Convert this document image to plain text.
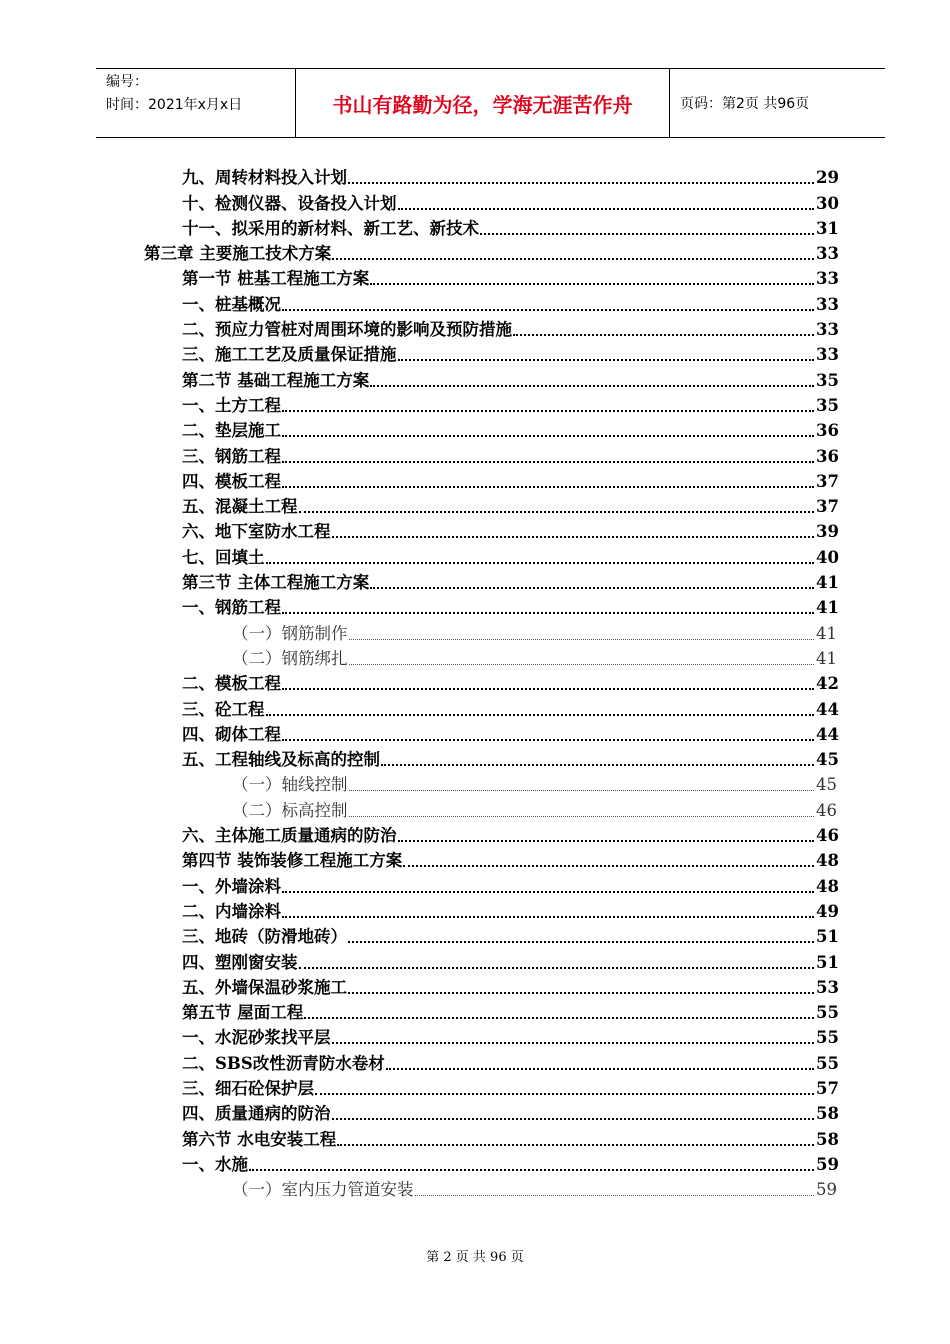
编号：
时间：2021年x月x日	书山有路勤为径，学海无涯苦作舟	页码：第2页 共96页
九、周转材料投入计划	29
十、检测仪器、设备投入计划	30
十一、拟采用的新材料、新工艺、新技术	31
第三章 主要施工技术方案	33
第一节 桩基工程施工方案	33
一、桩基概况	33
二、预应力管桩对周围环境的影响及预防措施	33
三、施工工艺及质量保证措施	33
第二节 基础工程施工方案	35
一、土方工程	35
二、垫层施工	36
三、钢筋工程	36
四、模板工程	37
五、混凝土工程	37
六、地下室防水工程	39
七、回填土	40
第三节 主体工程施工方案	41
一、钢筋工程	41
（一）钢筋制作	41
（二）钢筋绑扎	41
二、模板工程	42
三、砼工程	44
四、砌体工程	44
五、工程轴线及标高的控制	45
（一）轴线控制	45
（二）标高控制	46
六、主体施工质量通病的防治	46
第四节 装饰装修工程施工方案	48
一、外墙涂料	48
二、内墙涂料	49
三、地砖（防滑地砖）	51
四、塑刚窗安装	51
五、外墙保温砂浆施工	53
第五节 屋面工程	55
一、水泥砂浆找平层	55
二、SBS改性沥青防水卷材	55
三、细石砼保护层	57
四、质量通病的防治	58
第六节 水电安装工程	58
一、水施	59
（一）室内压力管道安装	59
第 2 页 共 96 页
